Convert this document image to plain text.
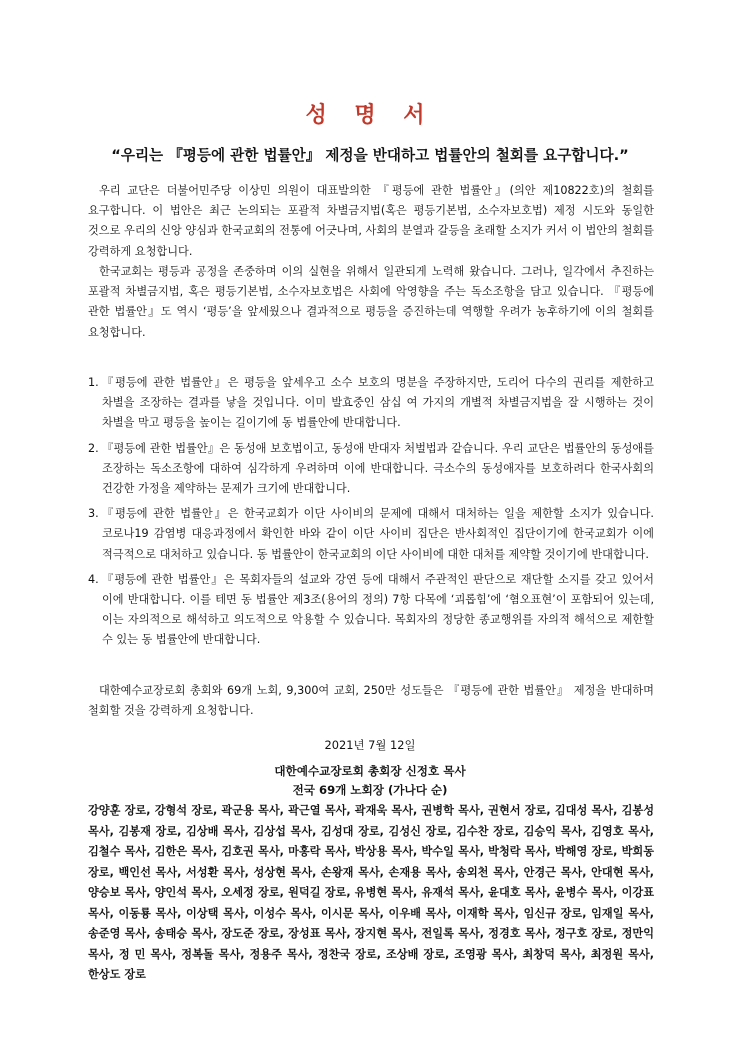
성 명 서

“우리는 『평등에 관한 법률안』 제정을 반대하고 법률안의 철회를 요구합니다.”

우리 교단은 더불어민주당 이상민 의원이 대표발의한 『평등에 관한 법률안』(의안 제10822호)의 철회를 요구합니다. 이 법안은 최근 논의되는 포괄적 차별금지법(혹은 평등기본법, 소수자보호법) 제정 시도와 동일한 것으로 우리의 신앙 양심과 한국교회의 전통에 어긋나며, 사회의 분열과 갈등을 초래할 소지가 커서 이 법안의 철회를 강력하게 요청합니다.

한국교회는 평등과 공정을 존중하며 이의 실현을 위해서 일관되게 노력해 왔습니다. 그러나, 일각에서 추진하는 포괄적 차별금지법, 혹은 평등기본법, 소수자보호법은 사회에 악영향을 주는 독소조항을 담고 있습니다. 『평등에 관한 법률안』도 역시 ‘평등’을 앞세웠으나 결과적으로 평등을 증진하는데 역행할 우려가 농후하기에 이의 철회를 요청합니다.

1. 『평등에 관한 법률안』은 평등을 앞세우고 소수 보호의 명분을 주장하지만, 도리어 다수의 권리를 제한하고 차별을 조장하는 결과를 낳을 것입니다. 이미 발효중인 삼십 여 가지의 개별적 차별금지법을 잘 시행하는 것이 차별을 막고 평등을 높이는 길이기에 동 법률안에 반대합니다.
2. 『평등에 관한 법률안』은 동성애 보호법이고, 동성애 반대자 처벌법과 같습니다. 우리 교단은 법률안의 동성애를 조장하는 독소조항에 대하여 심각하게 우려하며 이에 반대합니다. 극소수의 동성애자를 보호하려다 한국사회의 건강한 가정을 제약하는 문제가 크기에 반대합니다.
3. 『평등에 관한 법률안』은 한국교회가 이단 사이비의 문제에 대해서 대처하는 일을 제한할 소지가 있습니다. 코로나19 감염병 대응과정에서 확인한 바와 같이 이단 사이비 집단은 반사회적인 집단이기에 한국교회가 이에 적극적으로 대처하고 있습니다. 동 법률안이 한국교회의 이단 사이비에 대한 대처를 제약할 것이기에 반대합니다.
4. 『평등에 관한 법률안』은 목회자들의 설교와 강연 등에 대해서 주관적인 판단으로 재단할 소지를 갖고 있어서 이에 반대합니다. 이를 테면 동 법률안 제3조(용어의 정의) 7항 다목에 ‘괴롭힘’에 ‘혐오표현’이 포함되어 있는데, 이는 자의적으로 해석하고 의도적으로 악용할 수 있습니다. 목회자의 정당한 종교행위를 자의적 해석으로 제한할 수 있는 동 법률안에 반대합니다.

대한예수교장로회 총회와 69개 노회, 9,300여 교회, 250만 성도들은 『평등에 관한 법률안』 제정을 반대하며 철회할 것을 강력하게 요청합니다.

2021년 7월 12일

대한예수교장로회 총회장 신정호 목사

전국 69개 노회장 (가나다 순)

강양훈 장로, 강형석 장로, 곽군용 목사, 곽근열 목사, 곽재욱 목사, 권병학 목사, 권현서 장로, 김대성 목사, 김봉성 목사, 김봉재 장로, 김상배 목사, 김상섭 목사, 김성대 장로, 김성신 장로, 김수찬 장로, 김승익 목사, 김영호 목사, 김철수 목사, 김한은 목사, 김호권 목사, 마홍락 목사, 박상용 목사, 박수일 목사, 박청락 목사, 박해영 장로, 박희동 장로, 백인선 목사, 서성환 목사, 성상현 목사, 손왕재 목사, 손재용 목사, 송외천 목사, 안경근 목사, 안대현 목사, 양승보 목사, 양인석 목사, 오세정 장로, 원덕길 장로, 유병현 목사, 유재석 목사, 윤대호 목사, 윤병수 목사, 이강표 목사, 이동룡 목사, 이상택 목사, 이성수 목사, 이시문 목사, 이우배 목사, 이재학 목사, 임신규 장로, 임재일 목사, 송준영 목사, 송태승 목사, 장도준 장로, 장성표 목사, 장지현 목사, 전일록 목사, 정경호 목사, 정구호 장로, 정만익 목사, 정 민 목사, 정복돌 목사, 정용주 목사, 정찬국 장로, 조상배 장로, 조영광 목사, 최창덕 목사, 최정원 목사, 한상도 장로
